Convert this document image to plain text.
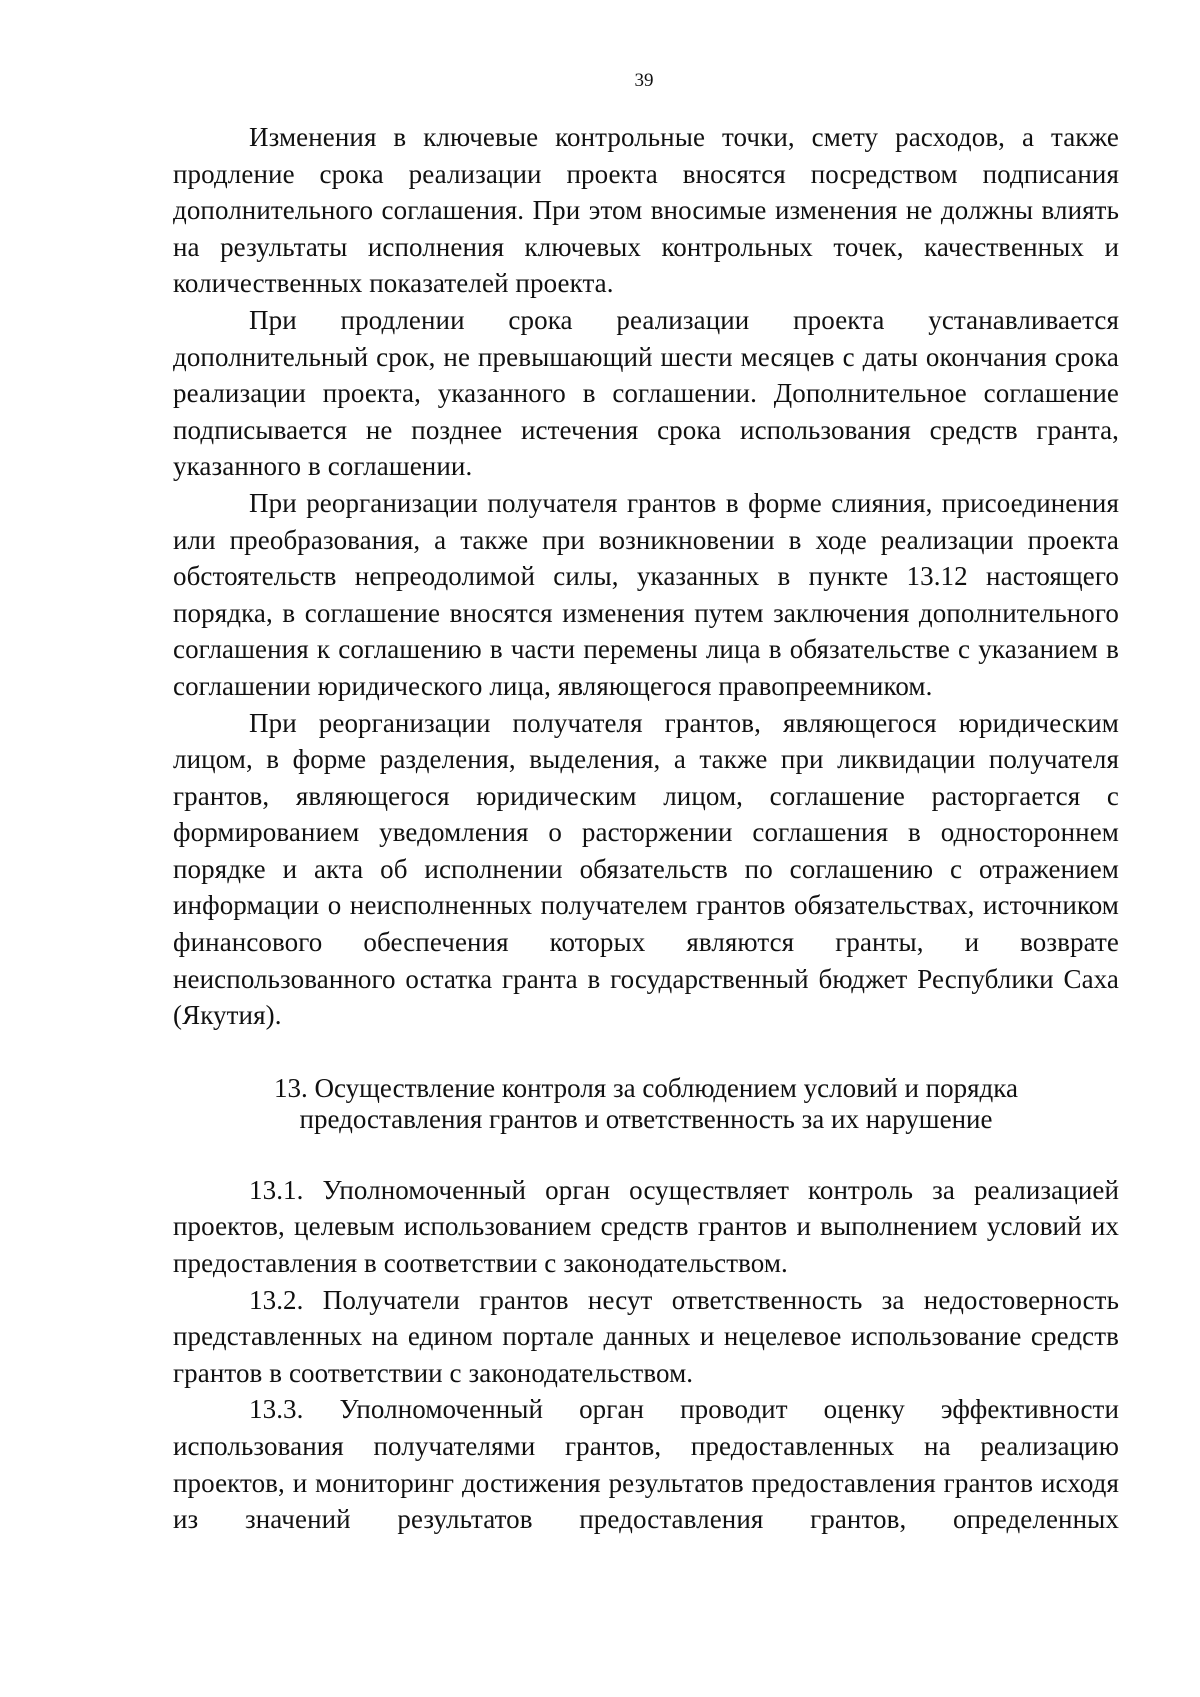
39

Изменения в ключевые контрольные точки, смету расходов, а также продление срока реализации проекта вносятся посредством подписания дополнительного соглашения. При этом вносимые изменения не должны влиять на результаты исполнения ключевых контрольных точек, качественных и количественных показателей проекта.

При продлении срока реализации проекта устанавливается дополнительный срок, не превышающий шести месяцев с даты окончания срока реализации проекта, указанного в соглашении. Дополнительное соглашение подписывается не позднее истечения срока использования средств гранта, указанного в соглашении.

При реорганизации получателя грантов в форме слияния, присоединения или преобразования, а также при возникновении в ходе реализации проекта обстоятельств непреодолимой силы, указанных в пункте 13.12 настоящего порядка, в соглашение вносятся изменения путем заключения дополнительного соглашения к соглашению в части перемены лица в обязательстве с указанием в соглашении юридического лица, являющегося правопреемником.

При реорганизации получателя грантов, являющегося юридическим лицом, в форме разделения, выделения, а также при ликвидации получателя грантов, являющегося юридическим лицом, соглашение расторгается с формированием уведомления о расторжении соглашения в одностороннем порядке и акта об исполнении обязательств по соглашению с отражением информации о неисполненных получателем грантов обязательствах, источником финансового обеспечения которых являются гранты, и возврате неиспользованного остатка гранта в государственный бюджет Республики Саха (Якутия).

13. Осуществление контроля за соблюдением условий и порядка
предоставления грантов и ответственность за их нарушение

13.1. Уполномоченный орган осуществляет контроль за реализацией проектов, целевым использованием средств грантов и выполнением условий их предоставления в соответствии с законодательством.

13.2. Получатели грантов несут ответственность за недостоверность представленных на едином портале данных и нецелевое использование средств грантов в соответствии с законодательством.

13.3. Уполномоченный орган проводит оценку эффективности использования получателями грантов, предоставленных на реализацию проектов, и мониторинг достижения результатов предоставления грантов исходя из значений результатов предоставления грантов, определенных
